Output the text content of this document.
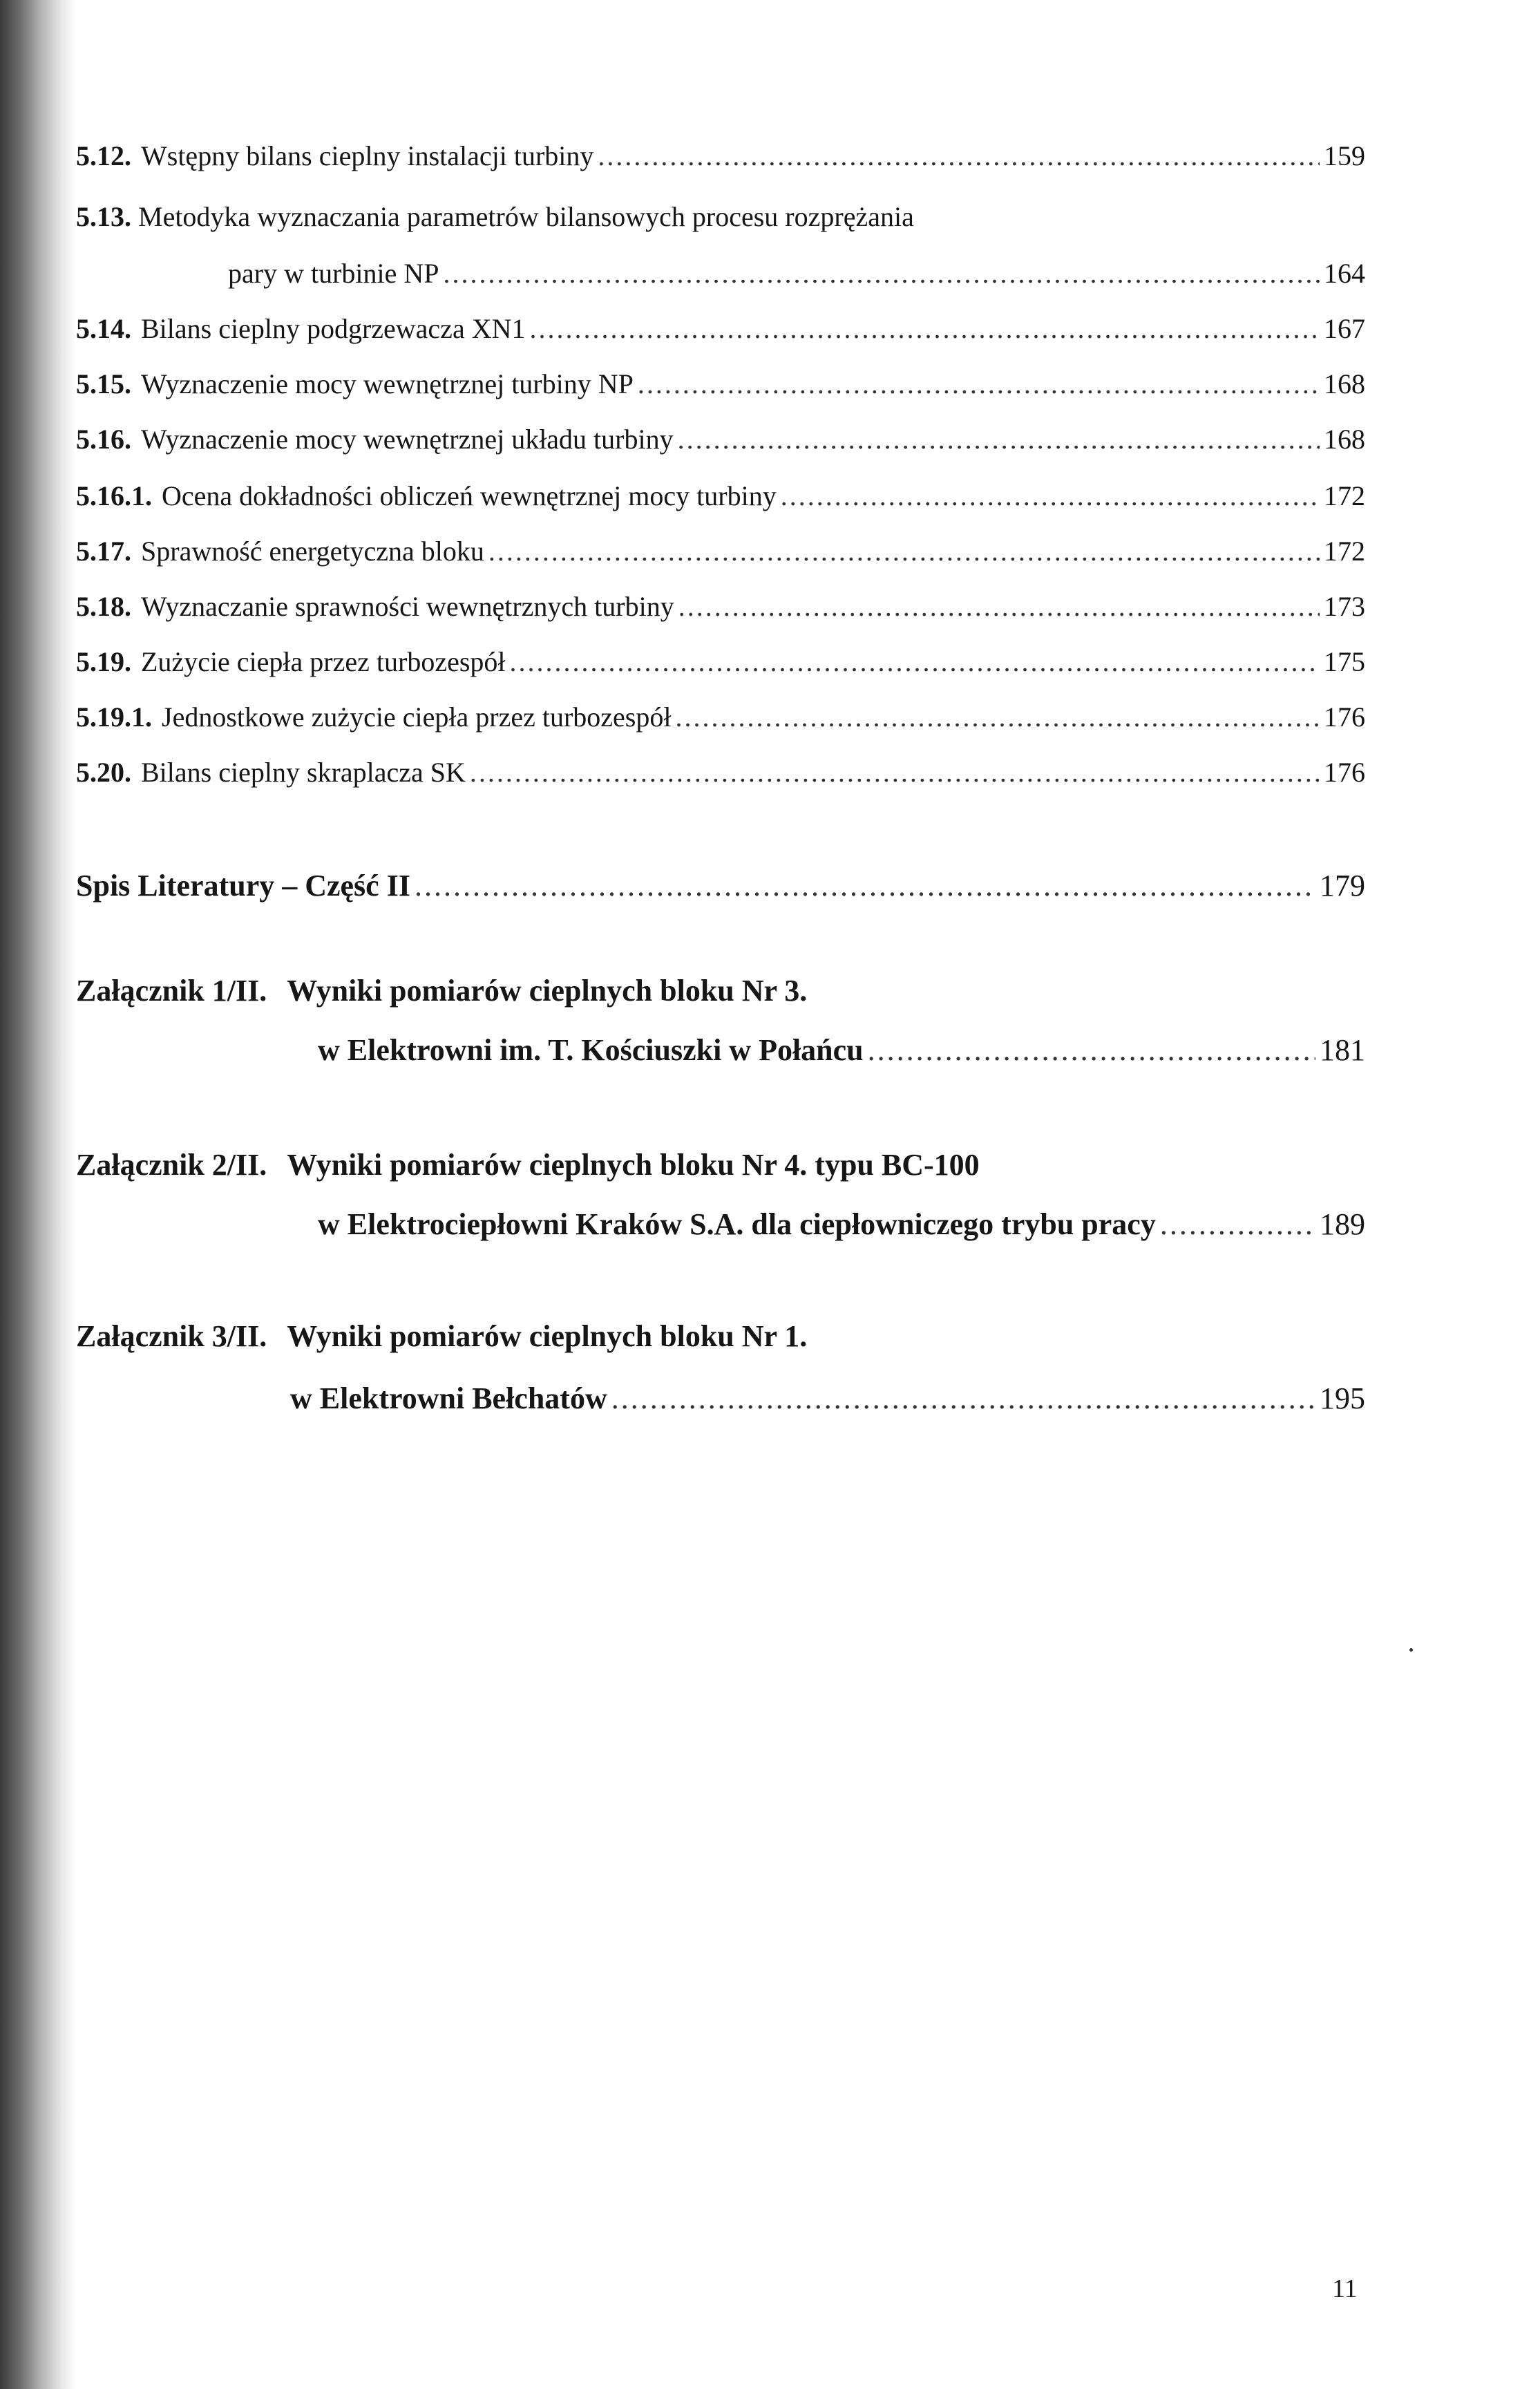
5.12. Wstępny bilans cieplny instalacji turbiny .....	159
5.13. Metodyka wyznaczania parametrów bilansowych procesu rozprężania
pary w turbinie NP .....	164
5.14. Bilans cieplny podgrzewacza XN1 .....	167
5.15. Wyznaczenie mocy wewnętrznej turbiny NP .....	168
5.16. Wyznaczenie mocy wewnętrznej układu turbiny .....	168
5.16.1. Ocena dokładności obliczeń wewnętrznej mocy turbiny .....	172
5.17. Sprawność energetyczna bloku .....	172
5.18. Wyznaczanie sprawności wewnętrznych turbiny .....	173
5.19. Zużycie ciepła przez turbozespół .....	175
5.19.1. Jednostkowe zużycie ciepła przez turbozespół .....	176
5.20. Bilans cieplny skraplacza SK .....	176
Spis Literatury – Część II .....	179
Załącznik 1/II. Wyniki pomiarów cieplnych bloku Nr 3.
w Elektrowni im. T. Kościuszki w Połańcu .....	181
Załącznik 2/II. Wyniki pomiarów cieplnych bloku Nr 4. typu BC-100
w Elektrociepłowni Kraków S.A. dla ciepłowniczego trybu pracy .....	189
Załącznik 3/II. Wyniki pomiarów cieplnych bloku Nr 1.
w Elektrowni Bełchatów .....	195
11
